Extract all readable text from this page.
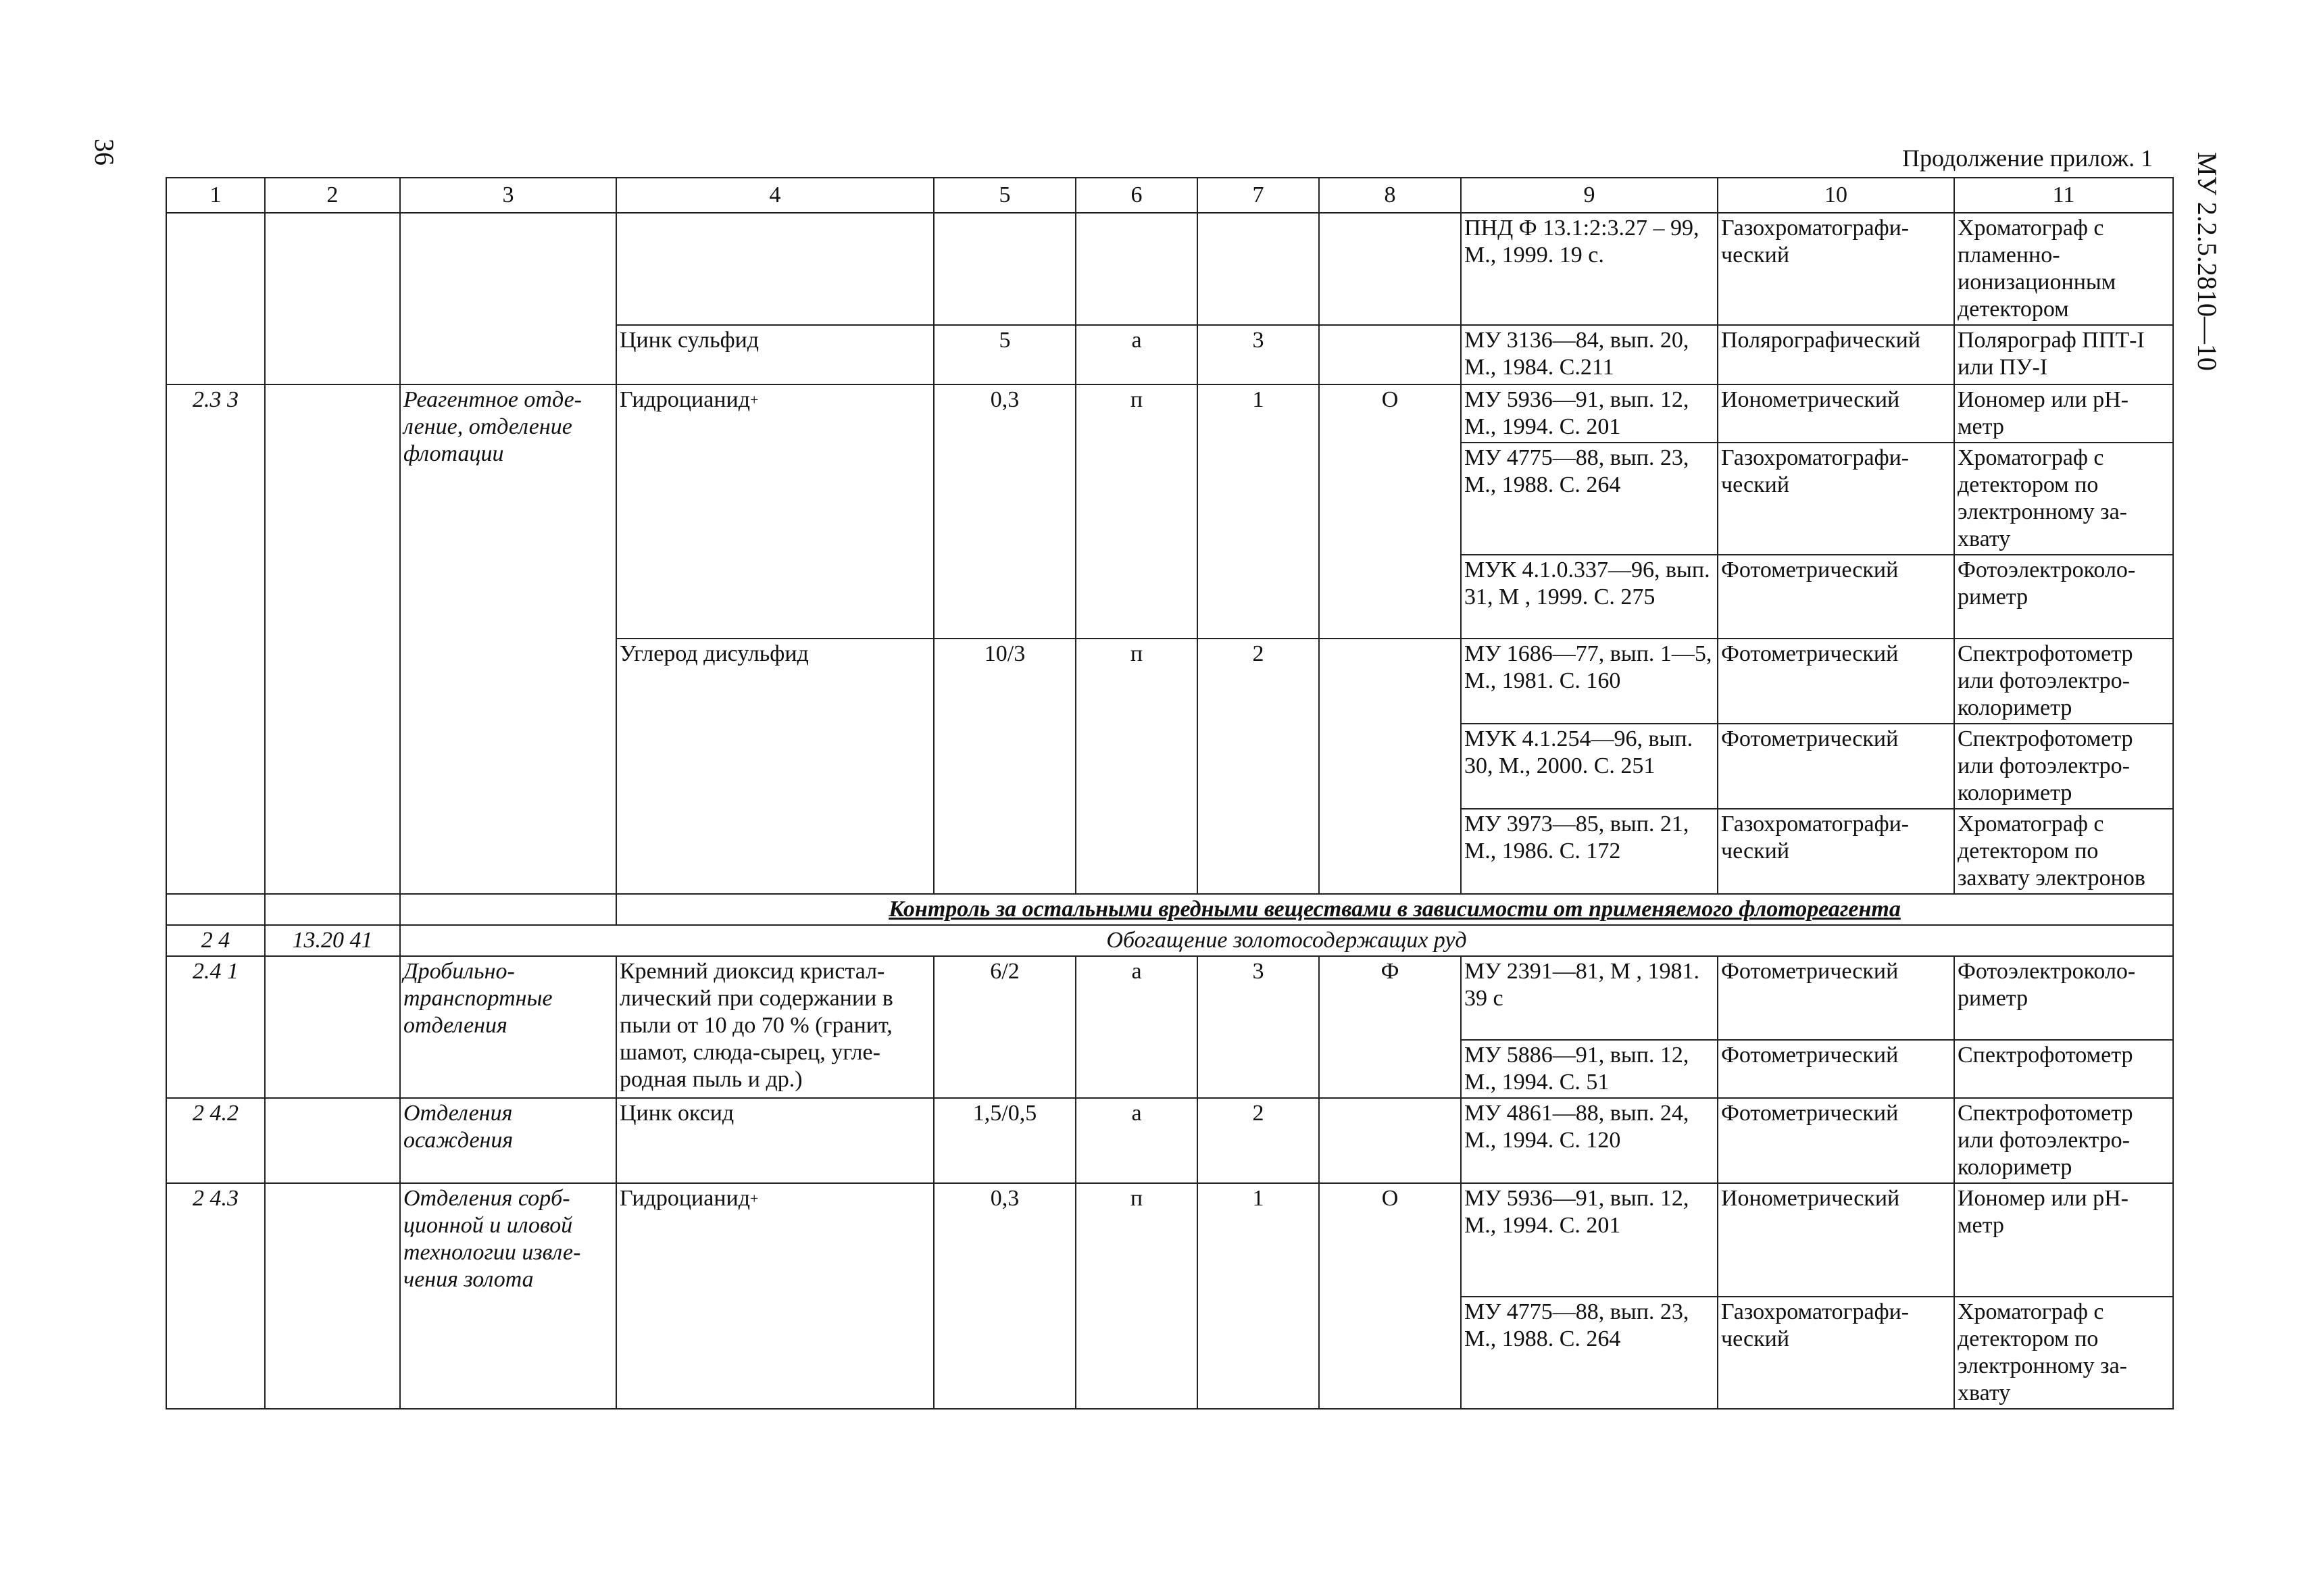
36	МУ 2.2.5.2810—10
Продолжение прилож. 1
1	2	3	4	5	6	7	8	9	10	11
								ПНД Ф 13.1:2:3.27 – 99, М., 1999. 19 с.	Газохроматографи-ческий	Хроматограф с пламенно-ионизационным детектором
			Цинк сульфид	5	а	3		МУ 3136—84, вып. 20, М., 1984. С.211	Полярографический	Полярограф ППТ-I или ПУ-I
2.3 3		Реагентное отде-ление, отделение флотации	Гидроцианид+	0,3	п	1	О	МУ 5936—91, вып. 12, М., 1994. С. 201	Ионометрический	Иономер или pH-метр
								МУ 4775—88, вып. 23, М., 1988. С. 264	Газохроматографи-ческий	Хроматограф с детектором по электронному за-хвату
								МУК 4.1.0.337—96, вып. 31, М , 1999. С. 275	Фотометрический	Фотоэлектроколо-риметр
			Углерод дисульфид	10/3	п	2		МУ 1686—77, вып. 1—5, М., 1981. С. 160	Фотометрический	Спектрофотометр или фотоэлектро-колориметр
								МУК 4.1.254—96, вып. 30, М., 2000. С. 251	Фотометрический	Спектрофотометр или фотоэлектро-колориметр
								МУ 3973—85, вып. 21, М., 1986. С. 172	Газохроматографи-ческий	Хроматограф с детектором по захвату электронов
			Контроль за остальными вредными веществами в зависимости от применяемого флотореагента							
2 4	13.20 41	Обогащение золотосодержащих руд								
2.4 1		Дробильно-транспортные отделения	Кремний диоксид кристал-лический при содержании в пыли от 10 до 70 % (гранит, шамот, слюда-сырец, угле-родная пыль и др.)	6/2	а	3	Ф	МУ 2391—81, М , 1981. 39 с	Фотометрический	Фотоэлектроколо-риметр
								МУ 5886—91, вып. 12, М., 1994. С. 51	Фотометрический	Спектрофотометр
2 4.2		Отделения осаждения	Цинк оксид	1,5/0,5	а	2		МУ 4861—88, вып. 24, М., 1994. С. 120	Фотометрический	Спектрофотометр или фотоэлектро-колориметр
2 4.3		Отделения сорб-ционной и иловой технологии извле-чения золота	Гидроцианид+	0,3	п	1	О	МУ 5936—91, вып. 12, М., 1994. С. 201	Ионометрический	Иономер или pH-метр
								МУ 4775—88, вып. 23, М., 1988. С. 264	Газохроматографи-ческий	Хроматограф с детектором по электронному за-хвату
